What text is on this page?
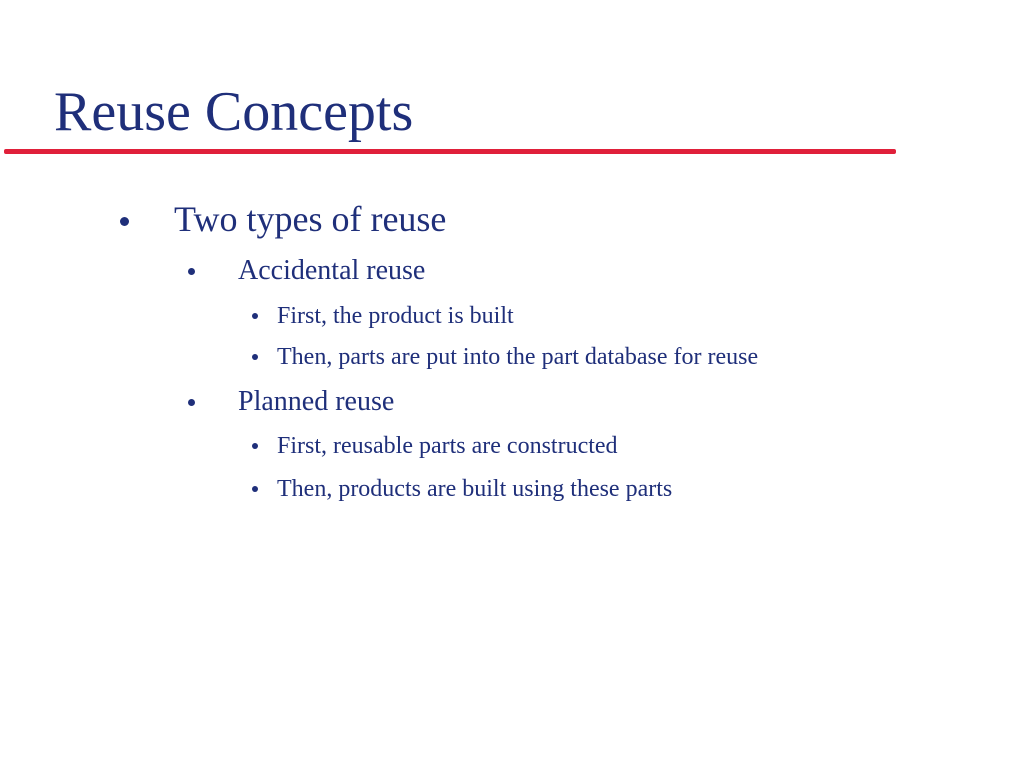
Reuse Concepts
Two types of reuse
Accidental reuse
First, the product is built
Then, parts are put into the part database for reuse
Planned reuse
First, reusable parts are constructed
Then, products are built using these parts
